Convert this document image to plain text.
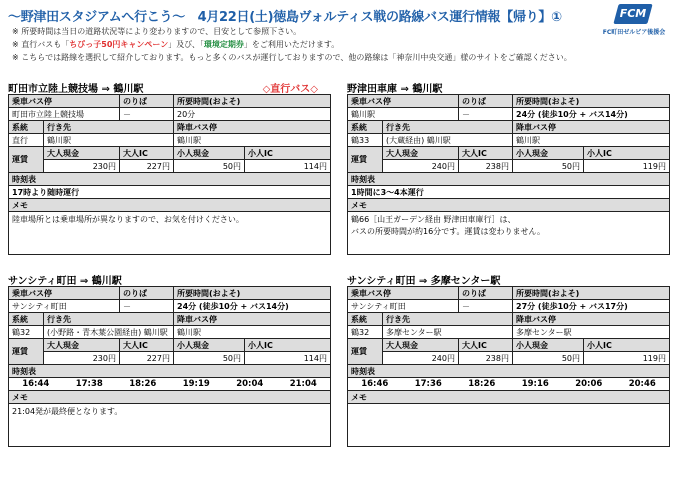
～野津田スタジアムへ行こう～　4月22日(土)徳島ヴォルティス戦の路線バス運行情報【帰り】①
※ 所要時間は当日の道路状況等により変わりますので、目安として参照下さい。
※ 直行バスも「ちびっ子50円キャンペーン」及び、「環境定期券」をご利用いただけます。
※ こちらでは路線を選択して紹介しております。もっと多くのバスが運行しておりますので、他の路線は「神奈川中央交通」様のサイトをご確認ください。
FCM
FC町田ゼルビア後援会
町田市立陸上競技場 ⇒ 鶴川駅	◇直行バス◇
乗車バス停		のりば	所要時間(およそ)	
町田市立陸上競技場		－	20分	
系統	行き先		降車バス停	
直行	鶴川駅		鶴川駅	
運賃	大人現金	大人IC	小人現金	小人IC
	230円	227円	50円	114円
時刻表				
17時より随時運行				
メモ				
陸車場所とは乗車場所が異なりますので、お気を付けください。				
野津田車庫 ⇒ 鶴川駅
乗車バス停		のりば	所要時間(およそ)	
鶴川駅		－	24分 (徒歩10分 + バス14分)	
系統	行き先		降車バス停	
鶴33	(大蔵経由) 鶴川駅		鶴川駅	
運賃	大人現金	大人IC	小人現金	小人IC
	240円	238円	50円	119円
時刻表				
1時間に3～4本運行				
メモ				

鶴66［山王ガーデン経由 野津田車庫行］は、
バスの所要時間が約16分です。運賃は変わりません。				
サンシティ町田 ⇒ 鶴川駅
乗車バス停	のりば	所要時間(およそ)
サンシティ町田	－	24分 (徒歩10分 + バス14分)
系統	行き先	降車バス停
鶴32	(小野路・青木葉公園経由) 鶴川駅	鶴川駅
運賃	大人現金	大人IC	小人現金	小人IC
230円	227円	50円	114円
時刻表

16:44	17:38	18:26	19:19	20:04	21:04

メモ
21:04発が最終便となります。
サンシティ町田 ⇒ 多摩センター駅
乗車バス停	のりば	所要時間(およそ)
サンシティ町田	－	27分 (徒歩10分 + バス17分)
系統	行き先	降車バス停
鶴32	多摩センター駅	多摩センター駅
運賃	大人現金	大人IC	小人現金	小人IC
240円	238円	50円	119円
時刻表

16:46	17:36	18:26	19:16	20:06	20:46

メモ
